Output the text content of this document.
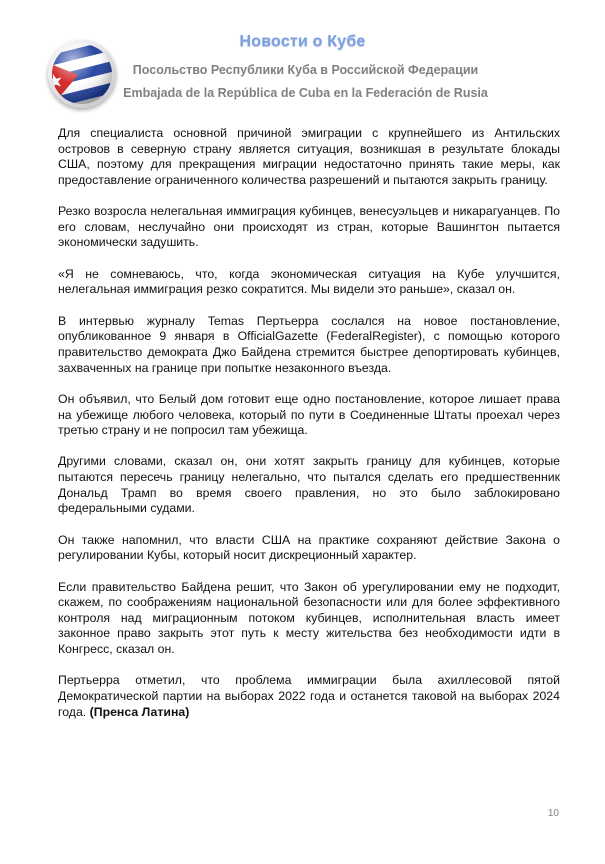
Новости о Кубе
Посольство Республики Куба в Российской Федерации
Embajada de la República de Cuba en la Federación de Rusia

Для специалиста основной причиной эмиграции с крупнейшего из Антильских островов в северную страну является ситуация, возникшая в результате блокады США, поэтому для прекращения миграции недостаточно принять такие меры, как предоставление ограниченного количества разрешений и пытаются закрыть границу.

Резко возросла нелегальная иммиграция кубинцев, венесуэльцев и никарагуанцев. По его словам, неслучайно они происходят из стран, которые Вашингтон пытается экономически задушить.

«Я не сомневаюсь, что, когда экономическая ситуация на Кубе улучшится, нелегальная иммиграция резко сократится. Мы видели это раньше», сказал он.

В интервью журналу Temas Пертьерра сослался на новое постановление, опубликованное 9 января в OfficialGazette (FederalRegister), с помощью которого правительство демократа Джо Байдена стремится быстрее депортировать кубинцев, захваченных на границе при попытке незаконного въезда.

Он объявил, что Белый дом готовит еще одно постановление, которое лишает права на убежище любого человека, который по пути в Соединенные Штаты проехал через третью страну и не попросил там убежища.

Другими словами, сказал он, они хотят закрыть границу для кубинцев, которые пытаются пересечь границу нелегально, что пытался сделать его предшественник Дональд Трамп во время своего правления, но это было заблокировано федеральными судами.

Он также напомнил, что власти США на практике сохраняют действие Закона о регулировании Кубы, который носит дискреционный характер.

Если правительство Байдена решит, что Закон об урегулировании ему не подходит, скажем, по соображениям национальной безопасности или для более эффективного контроля над миграционным потоком кубинцев, исполнительная власть имеет законное право закрыть этот путь к месту жительства без необходимости идти в Конгресс, сказал он.

Пертьерра отметил, что проблема иммиграции была ахиллесовой пятой Демократической партии на выборах 2022 года и останется таковой на выборах 2024 года. (Пренса Латина)

10
